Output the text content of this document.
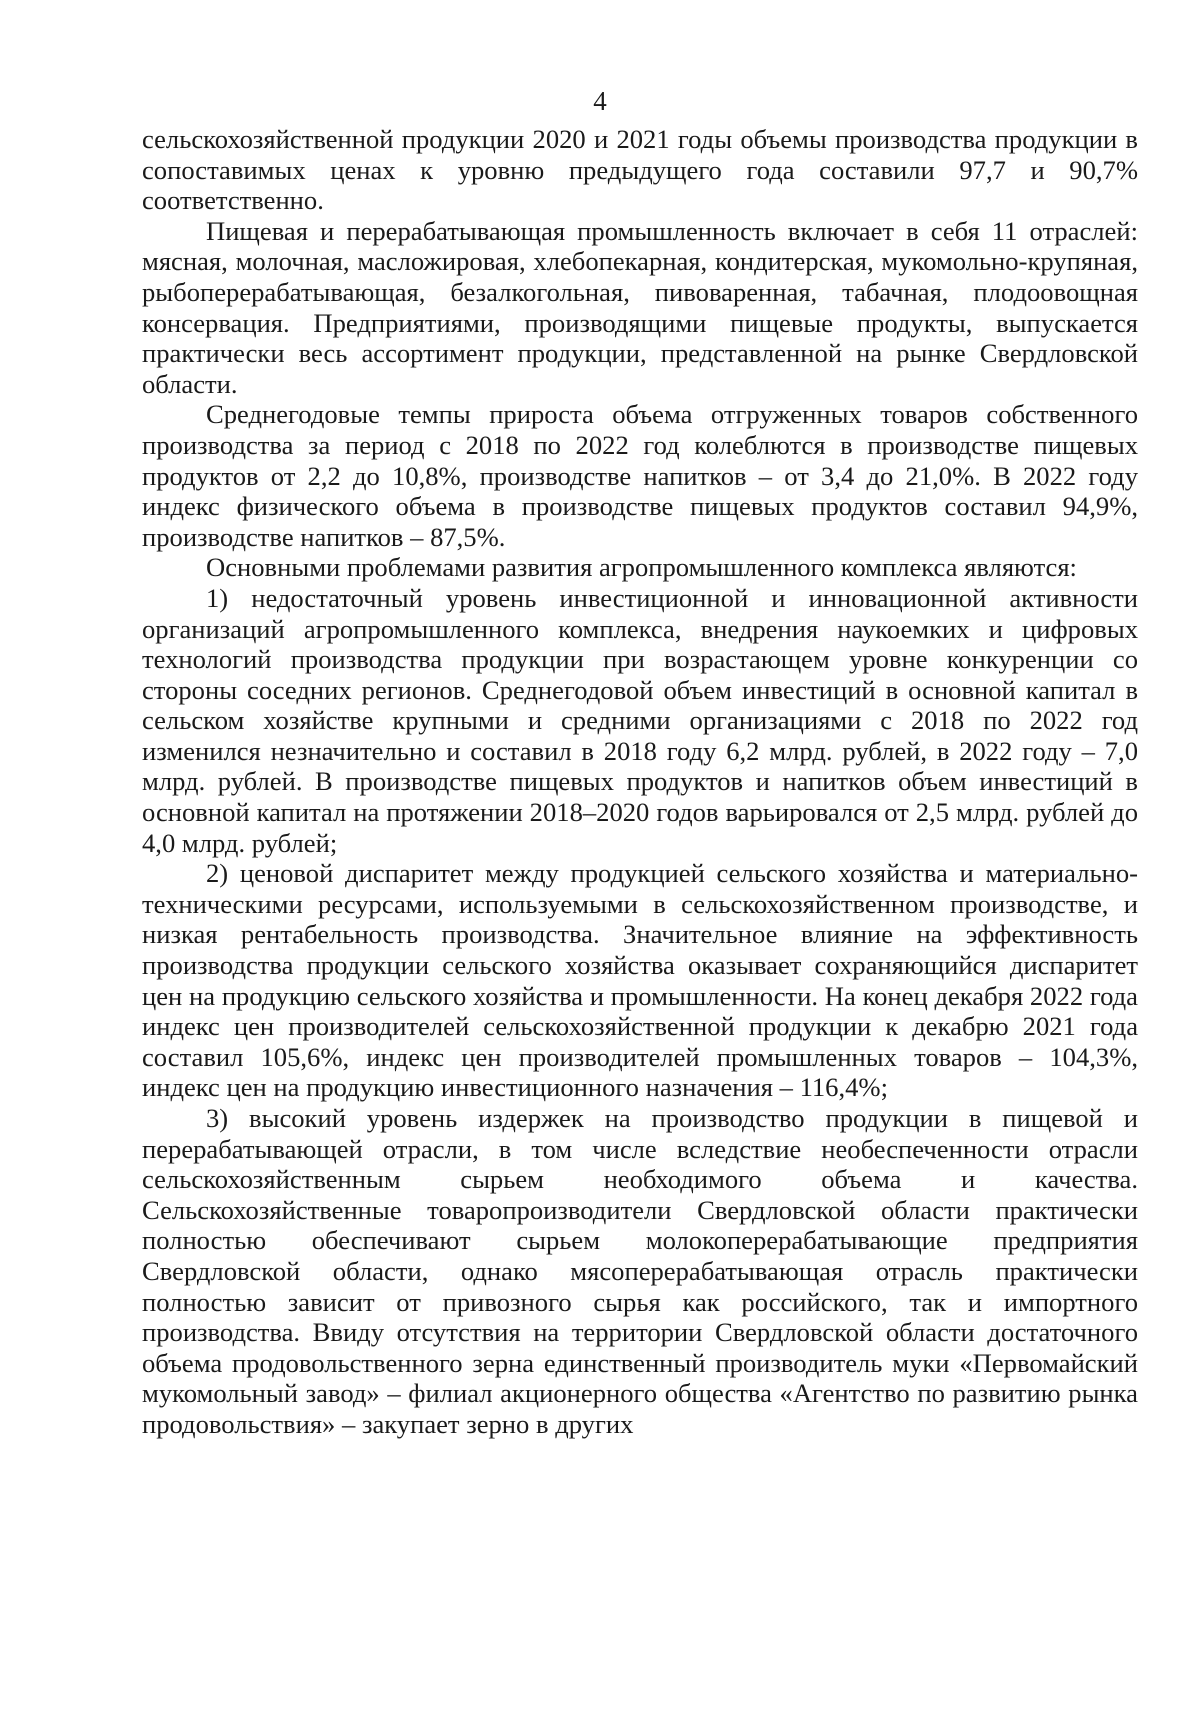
4

сельскохозяйственной продукции 2020 и 2021 годы объемы производства продукции в сопоставимых ценах к уровню предыдущего года составили 97,7 и 90,7% соответственно.

Пищевая и перерабатывающая промышленность включает в себя 11 отраслей: мясная, молочная, масложировая, хлебопекарная, кондитерская, мукомольно-крупяная, рыбоперерабатывающая, безалкогольная, пивоваренная, табачная, плодоовощная консервация. Предприятиями, производящими пищевые продукты, выпускается практически весь ассортимент продукции, представленной на рынке Свердловской области.

Среднегодовые темпы прироста объема отгруженных товаров собственного производства за период с 2018 по 2022 год колеблются в производстве пищевых продуктов от 2,2 до 10,8%, производстве напитков – от 3,4 до 21,0%. В 2022 году индекс физического объема в производстве пищевых продуктов составил 94,9%, производстве напитков – 87,5%.

Основными проблемами развития агропромышленного комплекса являются:

1) недостаточный уровень инвестиционной и инновационной активности организаций агропромышленного комплекса, внедрения наукоемких и цифровых технологий производства продукции при возрастающем уровне конкуренции со стороны соседних регионов. Среднегодовой объем инвестиций в основной капитал в сельском хозяйстве крупными и средними организациями с 2018 по 2022 год изменился незначительно и составил в 2018 году 6,2 млрд. рублей, в 2022 году – 7,0 млрд. рублей. В производстве пищевых продуктов и напитков объем инвестиций в основной капитал на протяжении 2018–2020 годов варьировался от 2,5 млрд. рублей до 4,0 млрд. рублей;

2) ценовой диспаритет между продукцией сельского хозяйства и материально-техническими ресурсами, используемыми в сельскохозяйственном производстве, и низкая рентабельность производства. Значительное влияние на эффективность производства продукции сельского хозяйства оказывает сохраняющийся диспаритет цен на продукцию сельского хозяйства и промышленности. На конец декабря 2022 года индекс цен производителей сельскохозяйственной продукции к декабрю 2021 года составил 105,6%, индекс цен производителей промышленных товаров – 104,3%, индекс цен на продукцию инвестиционного назначения – 116,4%;

3) высокий уровень издержек на производство продукции в пищевой и перерабатывающей отрасли, в том числе вследствие необеспеченности отрасли сельскохозяйственным сырьем необходимого объема и качества. Сельскохозяйственные товаропроизводители Свердловской области практически полностью обеспечивают сырьем молокоперерабатывающие предприятия Свердловской области, однако мясоперерабатывающая отрасль практически полностью зависит от привозного сырья как российского, так и импортного производства. Ввиду отсутствия на территории Свердловской области достаточного объема продовольственного зерна единственный производитель муки «Первомайский мукомольный завод» – филиал акционерного общества «Агентство по развитию рынка продовольствия» – закупает зерно в других
